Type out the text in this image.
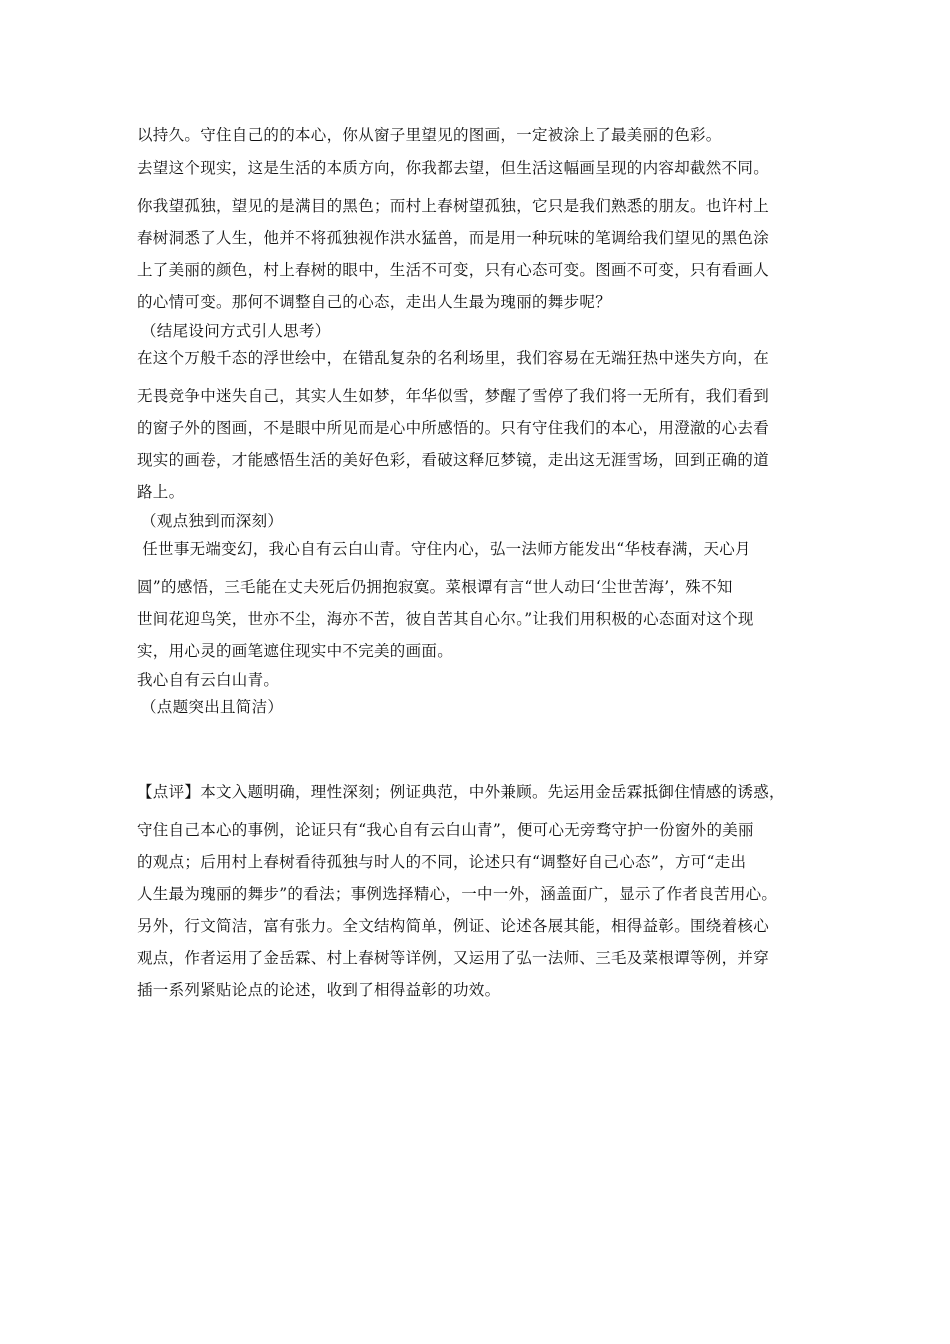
以持久。守住自己的的本心，你从窗子里望见的图画，一定被涂上了最美丽的色彩。
去望这个现实，这是生活的本质方向，你我都去望，但生活这幅画呈现的内容却截然不同。
你我望孤独，望见的是满目的黑色；而村上春树望孤独，它只是我们熟悉的朋友。也许村上
春树洞悉了人生，他并不将孤独视作洪水猛兽，而是用一种玩味的笔调给我们望见的黑色涂
上了美丽的颜色，村上春树的眼中，生活不可变，只有心态可变。图画不可变，只有看画人
的心情可变。那何不调整自己的心态，走出人生最为瑰丽的舞步呢？
（结尾设问方式引人思考）
在这个万般千态的浮世绘中，在错乱复杂的名利场里，我们容易在无端狂热中迷失方向，在
无畏竞争中迷失自己，其实人生如梦，年华似雪，梦醒了雪停了我们将一无所有，我们看到
的窗子外的图画，不是眼中所见而是心中所感悟的。只有守住我们的本心，用澄澈的心去看
现实的画卷，才能感悟生活的美好色彩，看破这释厄梦镜，走出这无涯雪场，回到正确的道
路上。
（观点独到而深刻）
任世事无端变幻，我心自有云白山青。守住内心，弘一法师方能发出“华枝春满，天心月
圆”的感悟，三毛能在丈夫死后仍拥抱寂寞。菜根谭有言“世人动曰‘尘世苦海’，殊不知
世间花迎鸟笑，世亦不尘，海亦不苦，彼自苦其自心尔。”让我们用积极的心态面对这个现
实，用心灵的画笔遮住现实中不完美的画面。
我心自有云白山青。
（点题突出且简洁）
【点评】本文入题明确，理性深刻；例证典范，中外兼顾。先运用金岳霖抵御住情感的诱惑，
守住自己本心的事例，论证只有“我心自有云白山青”，便可心无旁骛守护一份窗外的美丽
的观点；后用村上春树看待孤独与时人的不同，论述只有“调整好自己心态”，方可“走出
人生最为瑰丽的舞步”的看法；事例选择精心，一中一外，涵盖面广，显示了作者良苦用心。
另外，行文简洁，富有张力。全文结构简单，例证、论述各展其能，相得益彰。围绕着核心
观点，作者运用了金岳霖、村上春树等详例，又运用了弘一法师、三毛及菜根谭等例，并穿
插一系列紧贴论点的论述，收到了相得益彰的功效。
